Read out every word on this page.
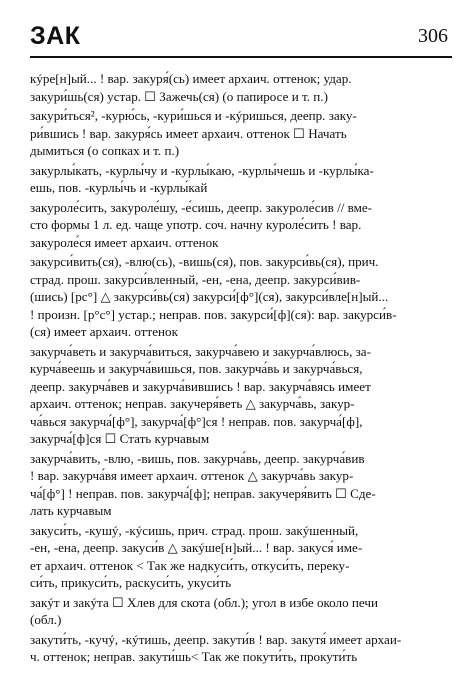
ЗАК	306
кýре[н]ый... ! вар. закуря́(сь) имеет архаич. оттенок; удар.
закури́шь(ся) устар. ☐ Зажечь(ся) (о папиросе и т. п.)
закури́ться², -курю́сь, -кури́шься и -кýришься, деепр. заку-
ри́вшись ! вар. закуря́сь имеет архаич. оттенок ☐ Начать
дымиться (о сопках и т. п.)
закурлы́кать, -курлы́чу и -курлы́каю, -курлы́чешь и -курлы́ка-
ешь, пов. -курлы́чь и -курлы́кай
закуроле́сить, закуроле́шу, -е́сишь, деепр. закуроле́сив // вме-
сто формы 1 л. ед. чаще употр. соч. начну куроле́сить ! вар.
закуроле́ся имеет архаич. оттенок
закурси́вить(ся), -влю(сь), -вишь(ся), пов. закурси́вь(ся), прич.
страд. прош. закурси́вленный, -ен, -ена, деепр. закурси́вив-
(шись) [рс°] △ закурси́вь(ся) закурси́[ф°](ся), закурси́вле[н]ый...
! произн. [р°с°] устар.; неправ. пов. закурси́[ф](ся): вар. закурси́в-
(ся) имеет архаич. оттенок
закурча́веть и закурча́виться, закурча́вею и закурча́влюсь, за-
курча́веешь и закурча́вишься, пов. закурча́вь и закурча́вься,
деепр. закурча́вев и закурча́вившись ! вар. закурча́вясь имеет
архаич. оттенок; неправ. закучеря́веть △ закурча́вь, закур-
ча́вься закурча́[ф°], закурча́[ф°]ся ! неправ. пов. закурча́[ф],
закурча́[ф]ся ☐ Стать курчавым
закурча́вить, -влю, -вишь, пов. закурча́вь, деепр. закурча́вив
! вар. закурча́вя имеет архаич. оттенок △ закурча́вь закур-
ча́[ф°] ! неправ. пов. закурча́[ф]; неправ. закучеря́вить ☐ Сде-
лать курчавым
закуси́ть, -кушý, -кýсишь, прич. страд. прош. закýшенный,
-ен, -ена, деепр. закуси́в △ закýше[н]ый... ! вар. закуся́ име-
ет архаич. оттенок < Так же надкуси́ть, откуси́ть, переку-
си́ть, прикуси́ть, раскуси́ть, укуси́ть
закýт и закýта ☐ Хлев для скота (обл.); угол в избе около печи
(обл.)
закути́ть, -кучý, -кýтишь, деепр. закути́в ! вар. закутя́ имеет архаи-
ч. оттенок; неправ. закути́шь< Так же покути́ть, прокути́ть
